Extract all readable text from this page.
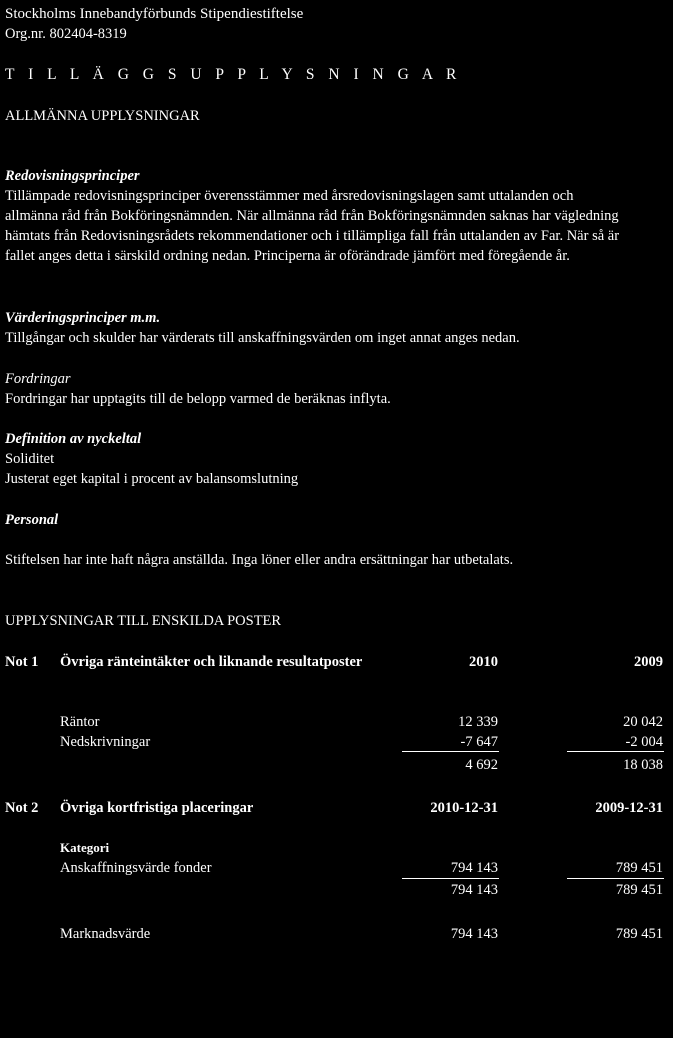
Stockholms Innebandyförbunds Stipendiestiftelse
Org.nr. 802404-8319
T I L L Ä G G S U P P L Y S N I N G A R
ALLMÄNNA UPPLYSNINGAR
Redovisningsprinciper
Tillämpade redovisningsprinciper överensstämmer med årsredovisningslagen samt uttalanden och
allmänna råd från Bokföringsnämnden. När allmänna råd från Bokföringsnämnden saknas har vägledning
hämtats från Redovisningsrådets rekommendationer och i tillämpliga fall från uttalanden av Far. När så är
fallet anges detta i särskild ordning nedan. Principerna är oförändrade jämfört med föregående år.
Värderingsprinciper m.m.
Tillgångar och skulder har värderats till anskaffningsvärden om inget annat anges nedan.
Fordringar
Fordringar har upptagits till de belopp varmed de beräknas inflyta.
Definition av nyckeltal
Soliditet
Justerat eget kapital i procent av balansomslutning
Personal
Stiftelsen har inte haft några anställda. Inga löner eller andra ersättningar har utbetalats.
UPPLYSNINGAR TILL ENSKILDA POSTER
Not 1 Övriga ränteintäkter och liknande resultatposter	2010	2009
Räntor	12 339	20 042
Nedskrivningar	-7 647	-2 004
4 692	18 038
Not 2 Övriga kortfristiga placeringar	2010-12-31	2009-12-31
Kategori
Anskaffningsvärde fonder	794 143	789 451
794 143	789 451
Marknadsvärde	794 143	789 451
